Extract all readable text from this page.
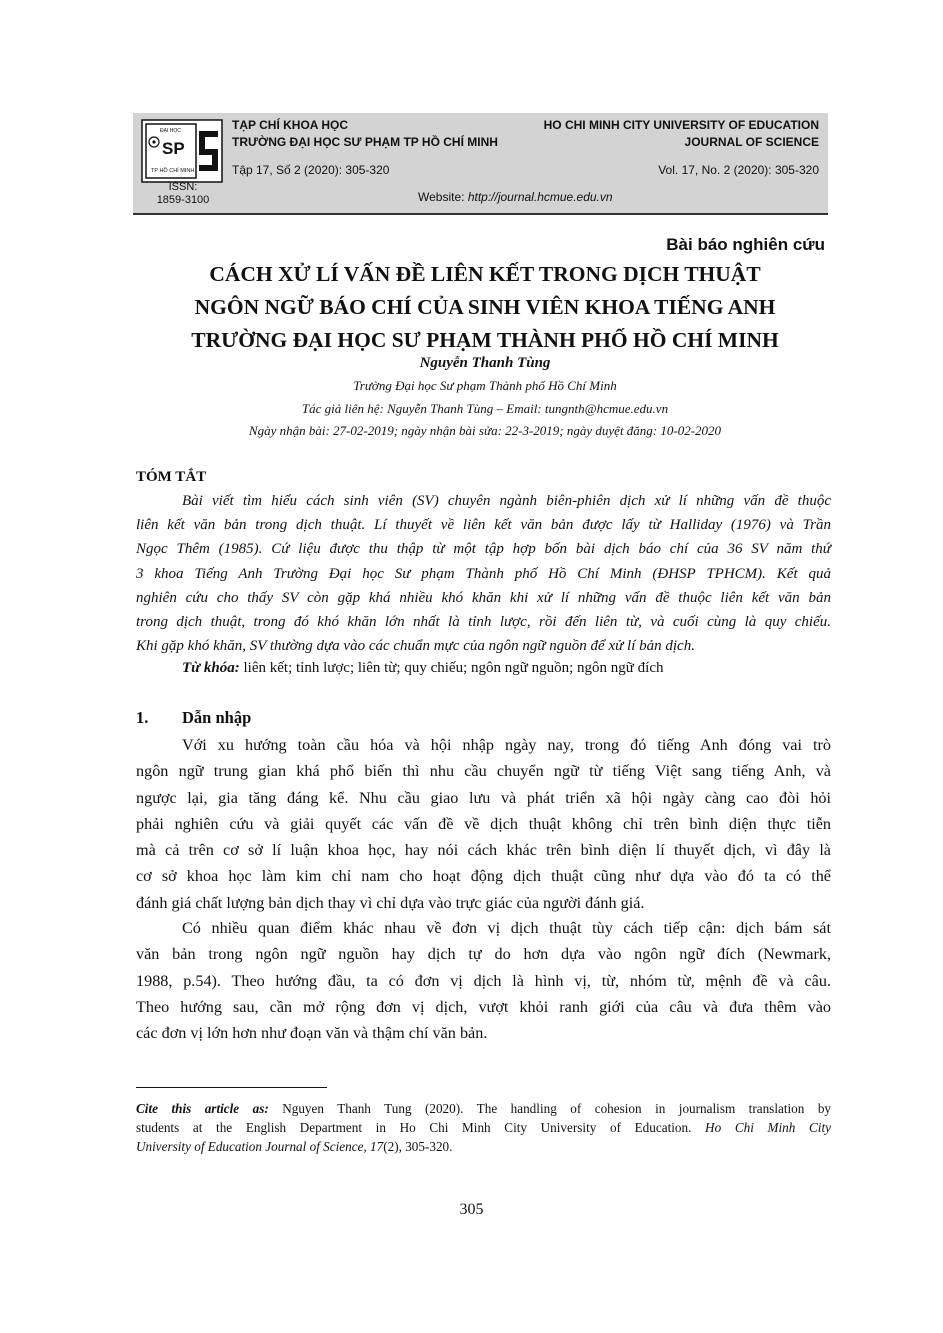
ĐẠI HỌC
SP
TP HỒ CHÍ MINH
TẠP CHÍ KHOA HỌC
TRƯỜNG ĐẠI HỌC SƯ PHẠM TP HỒ CHÍ MINH
HO CHI MINH CITY UNIVERSITY OF EDUCATION
JOURNAL OF SCIENCE
Tập 17, Số 2 (2020): 305-320	Vol. 17, No. 2 (2020): 305-320
ISSN:
1859-3100	Website: http://journal.hcmue.edu.vn
Bài báo nghiên cứu
CÁCH XỬ LÍ VẤN ĐỀ LIÊN KẾT TRONG DỊCH THUẬT
NGÔN NGỮ BÁO CHÍ CỦA SINH VIÊN KHOA TIẾNG ANH
TRƯỜNG ĐẠI HỌC SƯ PHẠM THÀNH PHỐ HỒ CHÍ MINH
Nguyễn Thanh Tùng
Trường Đại học Sư phạm Thành phố Hồ Chí Minh
Tác giả liên hệ: Nguyễn Thanh Tùng – Email: tungnth@hcmue.edu.vn
Ngày nhận bài: 27-02-2019; ngày nhận bài sửa: 22-3-2019; ngày duyệt đăng: 10-02-2020
TÓM TẮT
Bài viết tìm hiểu cách sinh viên (SV) chuyên ngành biên-phiên dịch xử lí những vấn đề thuộc
liên kết văn bản trong dịch thuật. Lí thuyết về liên kết văn bản được lấy từ Halliday (1976) và Trần
Ngọc Thêm (1985). Cứ liệu được thu thập từ một tập hợp bốn bài dịch báo chí của 36 SV năm thứ
3 khoa Tiếng Anh Trường Đại học Sư phạm Thành phố Hồ Chí Minh (ĐHSP TPHCM). Kết quả
nghiên cứu cho thấy SV còn gặp khá nhiều khó khăn khi xử lí những vấn đề thuộc liên kết văn bản
trong dịch thuật, trong đó khó khăn lớn nhất là tỉnh lược, rồi đến liên từ, và cuối cùng là quy chiếu.
Khi gặp khó khăn, SV thường dựa vào các chuẩn mực của ngôn ngữ nguồn để xử lí bản dịch.
Từ khóa: liên kết; tỉnh lược; liên từ; quy chiếu; ngôn ngữ nguồn; ngôn ngữ đích
1. Dẫn nhập
Với xu hướng toàn cầu hóa và hội nhập ngày nay, trong đó tiếng Anh đóng vai trò
ngôn ngữ trung gian khá phổ biến thì nhu cầu chuyển ngữ từ tiếng Việt sang tiếng Anh, và
ngược lại, gia tăng đáng kể. Nhu cầu giao lưu và phát triển xã hội ngày càng cao đòi hỏi
phải nghiên cứu và giải quyết các vấn đề về dịch thuật không chỉ trên bình diện thực tiễn
mà cả trên cơ sở lí luận khoa học, hay nói cách khác trên bình diện lí thuyết dịch, vì đây là
cơ sở khoa học làm kim chỉ nam cho hoạt động dịch thuật cũng như dựa vào đó ta có thể
đánh giá chất lượng bản dịch thay vì chỉ dựa vào trực giác của người đánh giá.
Có nhiều quan điểm khác nhau về đơn vị dịch thuật tùy cách tiếp cận: dịch bám sát
văn bản trong ngôn ngữ nguồn hay dịch tự do hơn dựa vào ngôn ngữ đích (Newmark,
1988, p.54). Theo hướng đầu, ta có đơn vị dịch là hình vị, từ, nhóm từ, mệnh đề và câu.
Theo hướng sau, cần mở rộng đơn vị dịch, vượt khỏi ranh giới của câu và đưa thêm vào
các đơn vị lớn hơn như đoạn văn và thậm chí văn bản.
Cite this article as: Nguyen Thanh Tung (2020). The handling of cohesion in journalism translation by
students at the English Department in Ho Chi Minh City University of Education. Ho Chi Minh City
University of Education Journal of Science, 17(2), 305-320.
305
